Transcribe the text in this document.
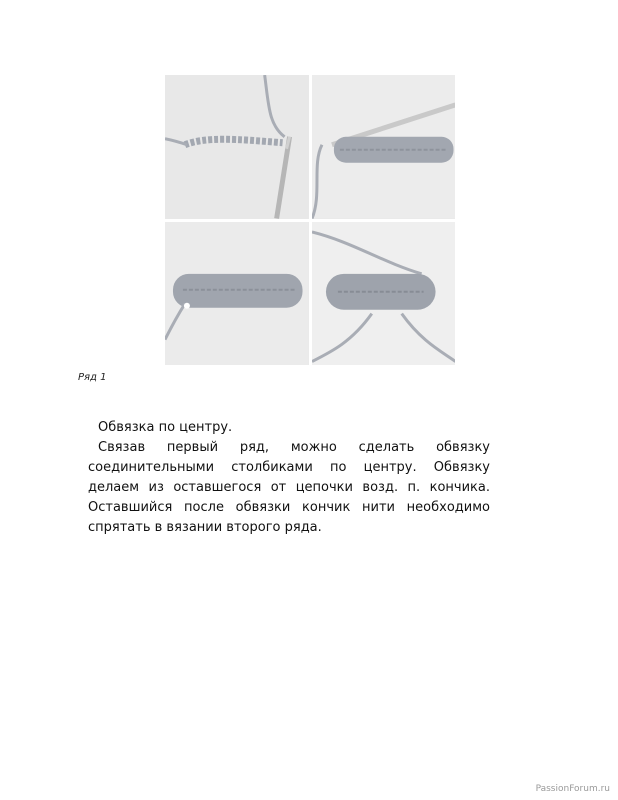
Ряд 1

Обвязка по центру.

Связав первый ряд, можно сделать обвязку соединительными столбиками по центру. Обвязку делаем из оставшегося от цепочки возд. п. кончика. Оставшийся после обвязки кончик нити необходимо спрятать в вязании второго ряда.

PassionForum.ru
